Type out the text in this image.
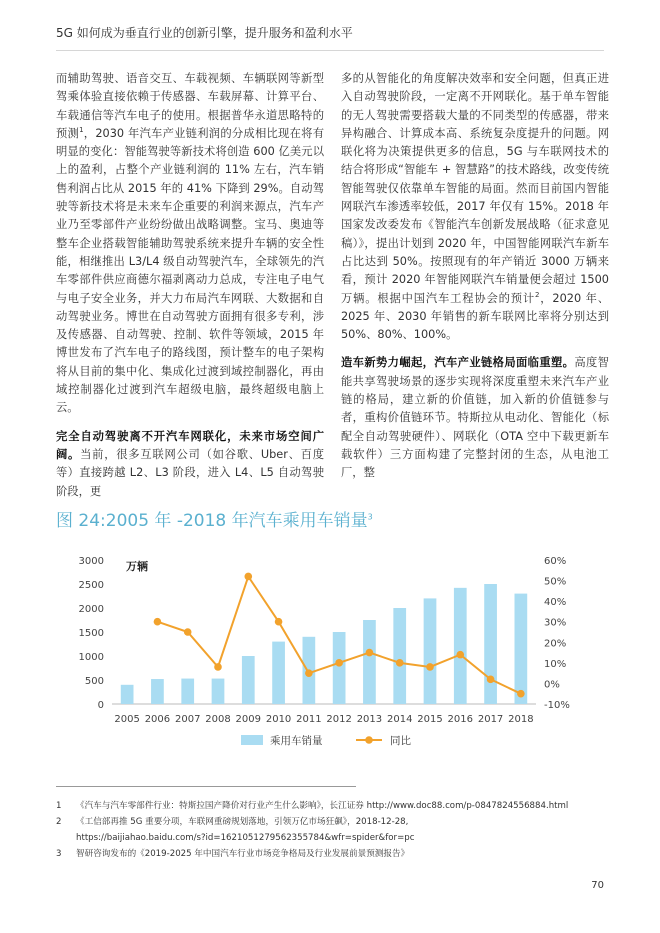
5G 如何成为垂直行业的创新引擎，提升服务和盈利水平

而辅助驾驶、语音交互、车载视频、车辆联网等新型驾乘体验直接依赖于传感器、车载屏幕、计算平台、车载通信等汽车电子的使用。根据普华永道思略特的预测$^1$，2030 年汽车产业链利润的分成相比现在将有明显的变化：智能驾驶等新技术将创造 600 亿美元以上的盈利，占整个产业链利润的 11% 左右，汽车销售利润占比从 2015 年的 41% 下降到 29%。自动驾驶等新技术将是未来车企重要的利润来源点，汽车产业乃至零部件产业纷纷做出战略调整。宝马、奥迪等整车企业搭载智能辅助驾驶系统来提升车辆的安全性能，相继推出 L3/L4 级自动驾驶汽车，全球领先的汽车零部件供应商德尔福剥离动力总成，专注电子电气与电子安全业务，并大力布局汽车网联、大数据和自动驾驶业务。博世在自动驾驶方面拥有很多专利，涉及传感器、自动驾驶、控制、软件等领域，2015 年博世发布了汽车电子的路线图，预计整车的电子架构将从目前的集中化、集成化过渡到域控制器化，再由域控制器化过渡到汽车超级电脑，最终超级电脑上云。

完全自动驾驶离不开汽车网联化，未来市场空间广阔。当前，很多互联网公司（如谷歌、Uber、百度等）直接跨越 L2、L3 阶段，进入 L4、L5 自动驾驶阶段，更

多的从智能化的角度解决效率和安全问题，但真正进入自动驾驶阶段，一定离不开网联化。基于单车智能的无人驾驶需要搭载大量的不同类型的传感器，带来异构融合、计算成本高、系统复杂度提升的问题。网联化将为决策提供更多的信息，5G 与车联网技术的结合将形成“智能车 + 智慧路”的技术路线，改变传统智能驾驶仅依靠单车智能的局面。然而目前国内智能网联汽车渗透率较低，2017 年仅有 15%。2018 年国家发改委发布《智能汽车创新发展战略（征求意见稿）》，提出计划到 2020 年，中国智能网联汽车新车占比达到 50%。按照现有的年产销近 3000 万辆来看，预计 2020 年智能网联汽车销量便会超过 1500 万辆。根据中国汽车工程协会的预计$^2$，2020 年、2025 年、2030 年销售的新车联网比率将分别达到 50%、80%、100%。

造车新势力崛起，汽车产业链格局面临重塑。高度智能共享驾驶场景的逐步实现将深度重塑未来汽车产业链的格局，建立新的价值链，加入新的价值链参与者，重构价值链环节。特斯拉从电动化、智能化（标配全自动驾驶硬件）、网联化（OTA 空中下载更新车载软件）三方面构建了完整封闭的生态，从电池工厂，整

图 24:2005 年 -2018 年汽车乘用车销量$^3$
0
500
1000
1500
2000
2500
3000
-10%
0%
10%
20%
30%
40%
50%
60%
万辆
2005 2006 2007 2008 2009 2010 2011 2012 2013 2014 2015 2016 2017 2018
乘用车销量	同比
1	《汽车与汽车零部件行业：特斯拉国产降价对行业产生什么影响》，长江证券 http://www.doc88.com/p-0847824556884.html
2	《工信部再推 5G 重要分项，车联网重磅规划落地，引领万亿市场狂飙》，2018-12-28,
https://baijiahao.baidu.com/s?id=1621051279562355784&wfr=spider&for=pc
3	智研咨询发布的《2019-2025 年中国汽车行业市场竞争格局及行业发展前景预测报告》
70
